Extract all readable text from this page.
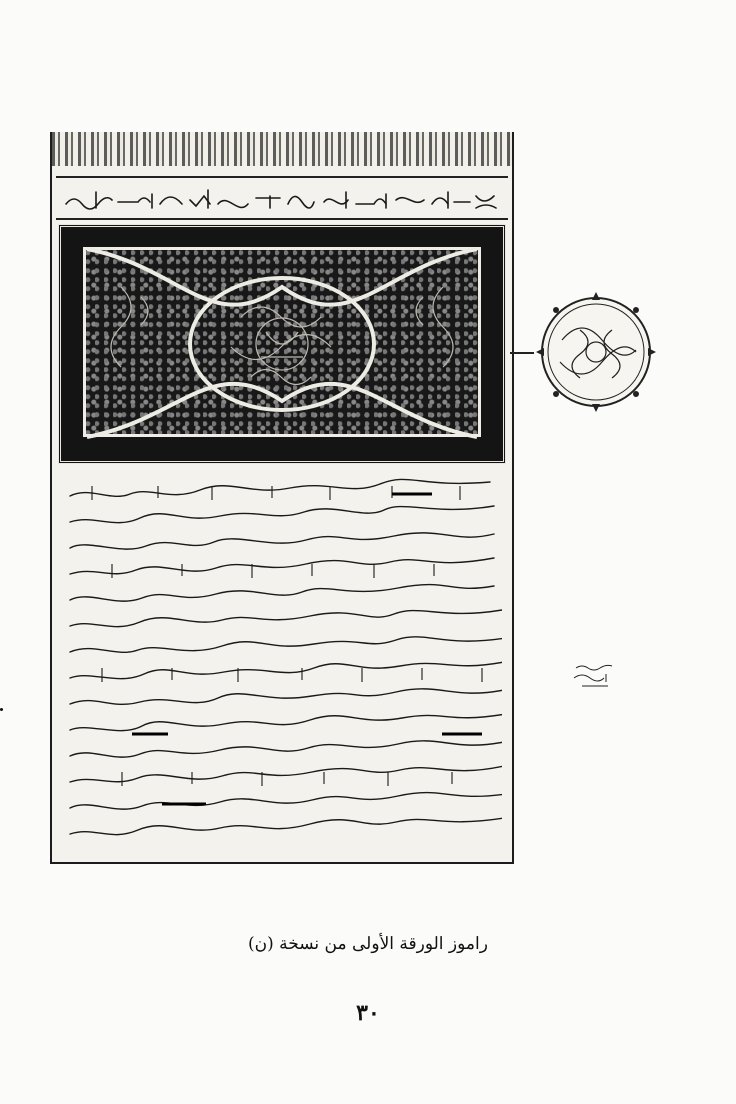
راموز الورقة الأولى من نسخة (ن)
٣٠
